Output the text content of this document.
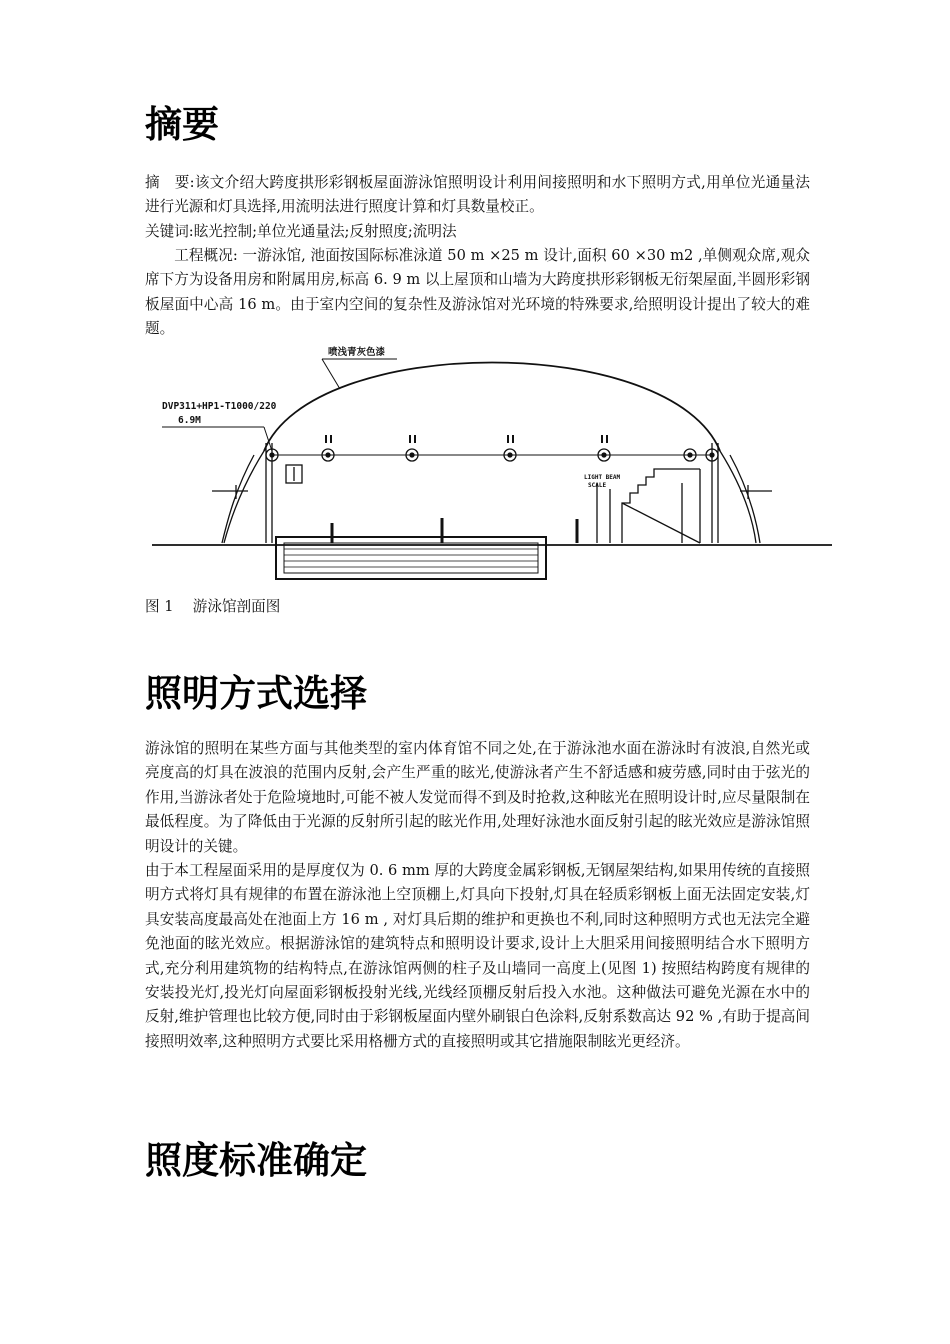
摘要

摘　要:该文介绍大跨度拱形彩钢板屋面游泳馆照明设计利用间接照明和水下照明方式,用单位光通量法进行光源和灯具选择,用流明法进行照度计算和灯具数量校正。

关键词:眩光控制;单位光通量法;反射照度;流明法

工程概况: 一游泳馆, 池面按国际标准泳道 50 m ×25 m 设计,面积 60 ×30 m2 ,单侧观众席,观众席下方为设备用房和附属用房,标高 6. 9 m 以上屋顶和山墙为大跨度拱形彩钢板无衍架屋面,半圆形彩钢板屋面中心高 16 m。由于室内空间的复杂性及游泳馆对光环境的特殊要求,给照明设计提出了较大的难题。

喷浅青灰色漆
DVP311+HP1-T1000/220
6.9M
LIGHT BEAM
SCALE

图 1　 游泳馆剖面图

照明方式选择

游泳馆的照明在某些方面与其他类型的室内体育馆不同之处,在于游泳池水面在游泳时有波浪,自然光或亮度高的灯具在波浪的范围内反射,会产生严重的眩光,使游泳者产生不舒适感和疲劳感,同时由于弦光的作用,当游泳者处于危险境地时,可能不被人发觉而得不到及时抢救,这种眩光在照明设计时,应尽量限制在最低程度。为了降低由于光源的反射所引起的眩光作用,处理好泳池水面反射引起的眩光效应是游泳馆照明设计的关键。

由于本工程屋面采用的是厚度仅为 0. 6 mm 厚的大跨度金属彩钢板,无钢屋架结构,如果用传统的直接照明方式将灯具有规律的布置在游泳池上空顶棚上,灯具向下投射,灯具在轻质彩钢板上面无法固定安装,灯具安装高度最高处在池面上方 16 m , 对灯具后期的维护和更换也不利,同时这种照明方式也无法完全避免池面的眩光效应。根据游泳馆的建筑特点和照明设计要求,设计上大胆采用间接照明结合水下照明方式,充分利用建筑物的结构特点,在游泳馆两侧的柱子及山墙同一高度上(见图 1) 按照结构跨度有规律的安装投光灯,投光灯向屋面彩钢板投射光线,光线经顶棚反射后投入水池。这种做法可避免光源在水中的反射,维护管理也比较方便,同时由于彩钢板屋面内壁外刷银白色涂料,反射系数高达 92 % ,有助于提高间接照明效率,这种照明方式要比采用格栅方式的直接照明或其它措施限制眩光更经济。

照度标准确定
